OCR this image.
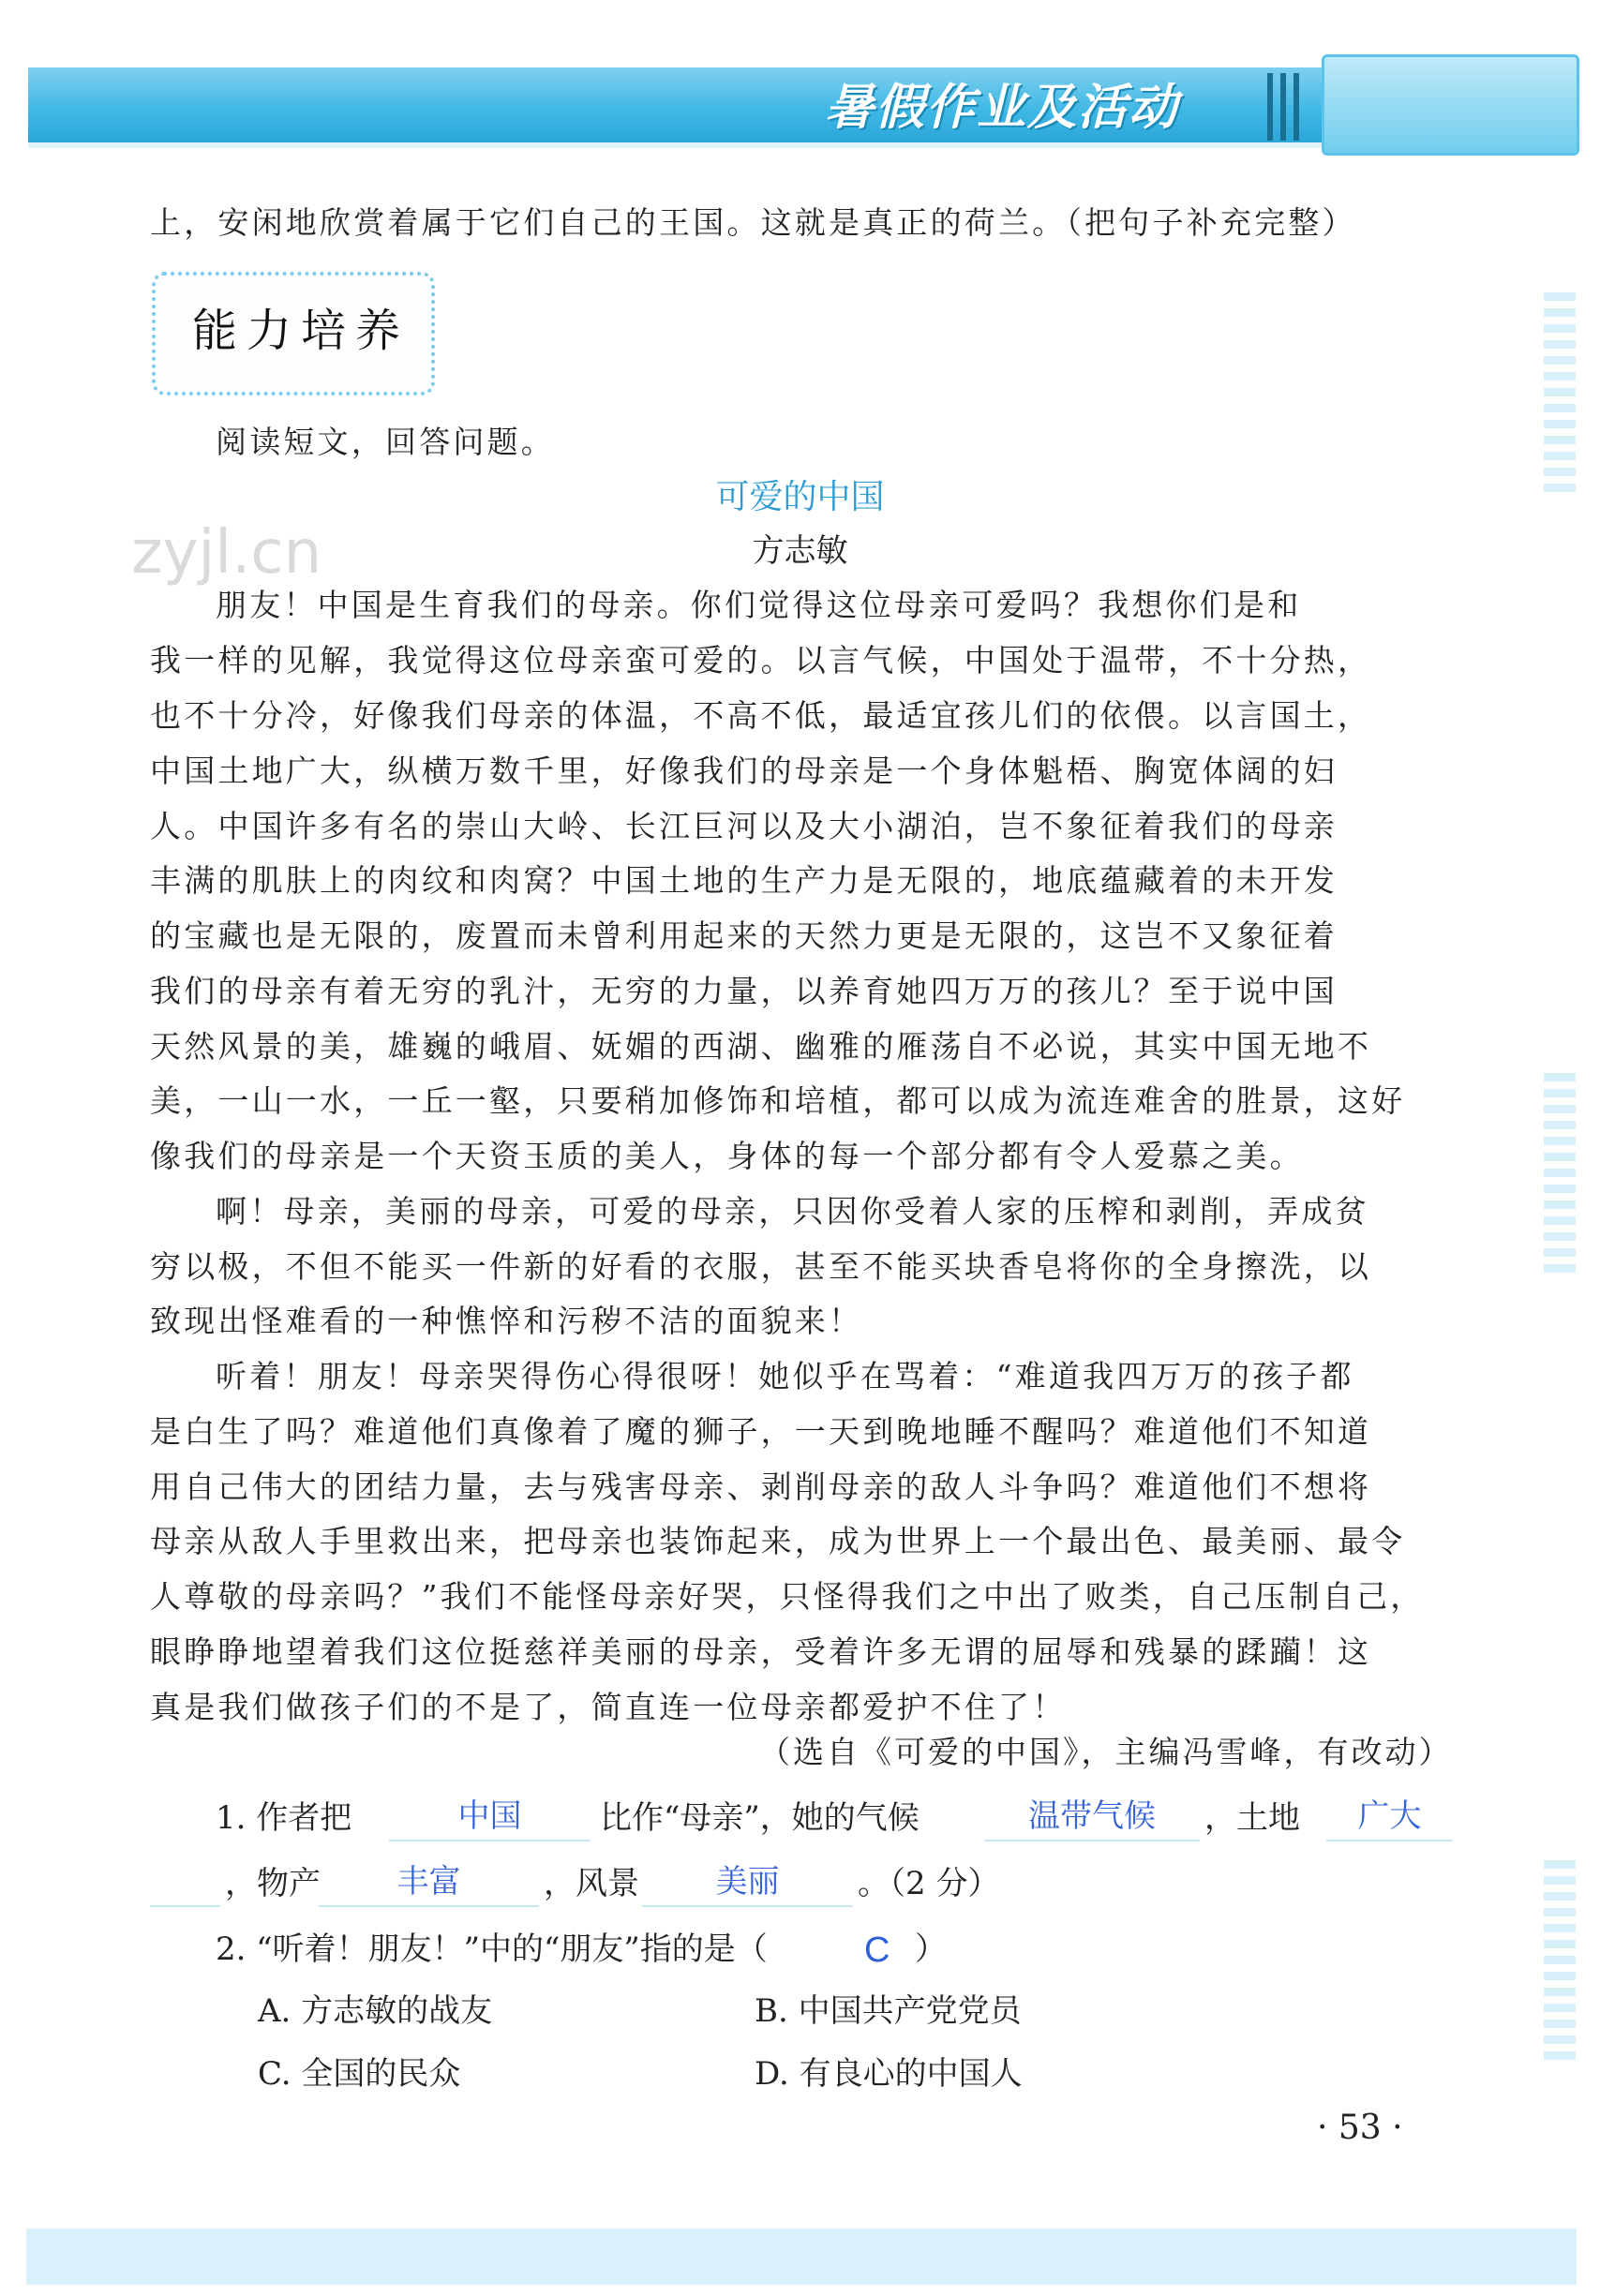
暑假作业及活动
上，安闲地欣赏着属于它们自己的王国。这就是真正的荷兰。（把句子补充完整）
能力培养
阅读短文，回答问题。
zyjl.cn
可爱的中国
方志敏
朋友！中国是生育我们的母亲。你们觉得这位母亲可爱吗？我想你们是和
我一样的见解，我觉得这位母亲蛮可爱的。以言气候，中国处于温带，不十分热，
也不十分冷，好像我们母亲的体温，不高不低，最适宜孩儿们的依偎。以言国土，
中国土地广大，纵横万数千里，好像我们的母亲是一个身体魁梧、胸宽体阔的妇
人。中国许多有名的崇山大岭、长江巨河以及大小湖泊，岂不象征着我们的母亲
丰满的肌肤上的肉纹和肉窝？中国土地的生产力是无限的，地底蕴藏着的未开发
的宝藏也是无限的，废置而未曾利用起来的天然力更是无限的，这岂不又象征着
我们的母亲有着无穷的乳汁，无穷的力量，以养育她四万万的孩儿？至于说中国
天然风景的美，雄巍的峨眉、妩媚的西湖、幽雅的雁荡自不必说，其实中国无地不
美，一山一水，一丘一壑，只要稍加修饰和培植，都可以成为流连难舍的胜景，这好
像我们的母亲是一个天资玉质的美人，身体的每一个部分都有令人爱慕之美。
啊！母亲，美丽的母亲，可爱的母亲，只因你受着人家的压榨和剥削，弄成贫
穷以极，不但不能买一件新的好看的衣服，甚至不能买块香皂将你的全身擦洗，以
致现出怪难看的一种憔悴和污秽不洁的面貌来！
听着！朋友！母亲哭得伤心得很呀！她似乎在骂着：“难道我四万万的孩子都
是白生了吗？难道他们真像着了魔的狮子，一天到晚地睡不醒吗？难道他们不知道
用自己伟大的团结力量，去与残害母亲、剥削母亲的敌人斗争吗？难道他们不想将
母亲从敌人手里救出来，把母亲也装饰起来，成为世界上一个最出色、最美丽、最令
人尊敬的母亲吗？”我们不能怪母亲好哭，只怪得我们之中出了败类，自己压制自己，
眼睁睁地望着我们这位挺慈祥美丽的母亲，受着许多无谓的屈辱和残暴的蹂躏！这
真是我们做孩子们的不是了，简直连一位母亲都爱护不住了！
（选自《可爱的中国》，主编冯雪峰，有改动）
1. 作者把	中国	比作“母亲”，她的气候	温带气候	，土地	广大
，物产	丰富	，风景	美丽	。（2 分）
2. “听着！朋友！”中的“朋友”指的是（	C ）
A. 方志敏的战友	B. 中国共产党党员
C. 全国的民众	D. 有良心的中国人
· 53 ·
